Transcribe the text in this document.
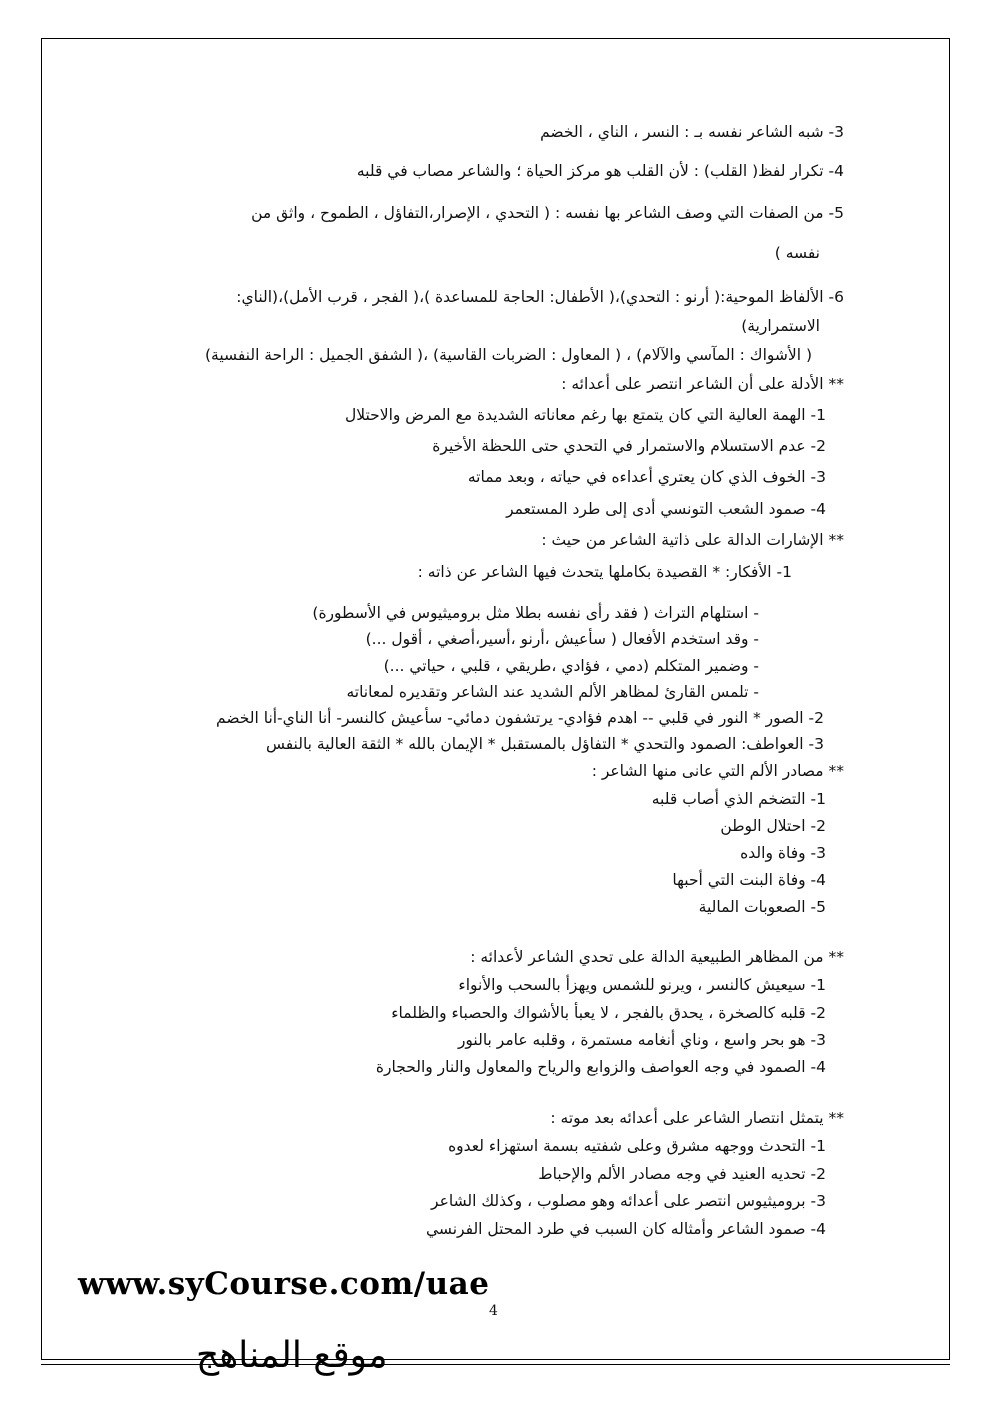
3- شبه الشاعر نفسه بـ : النسر ، الناي ، الخضم
4- تكرار لفظ( القلب) : لأن القلب هو مركز الحياة ؛ والشاعر مصاب في قلبه
5- من الصفات التي وصف الشاعر بها نفسه : ( التحدي ، الإصرار،التفاؤل ، الطموح ، واثق من
نفسه )
6- الألفاظ الموحية:( أرنو : التحدي)،( الأطفال: الحاجة للمساعدة )،( الفجر ، قرب الأمل)،(الناي:
الاستمرارية)
( الأشواك : المآسي والآلام) ، ( المعاول : الضربات القاسية) ،( الشفق الجميل : الراحة النفسية)
** الأدلة على أن الشاعر انتصر على أعدائه :
1- الهمة العالية التي كان يتمتع بها رغم معاناته الشديدة مع المرض والاحتلال
2- عدم الاستسلام والاستمرار في التحدي حتى اللحظة الأخيرة
3- الخوف الذي كان يعتري أعداءه في حياته ، وبعد مماته
4- صمود الشعب التونسي أدى إلى طرد المستعمر
** الإشارات الدالة على ذاتية الشاعر من حيث :
1- الأفكار: * القصيدة بكاملها يتحدث فيها الشاعر عن ذاته :
- استلهام التراث ( فقد رأى نفسه بطلا مثل بروميثيوس في الأسطورة)
- وقد استخدم الأفعال ( سأعيش ،أرنو ،أسير،أصغي ، أقول ...)
- وضمير المتكلم (دمي ، فؤادي ،طريقي ، قلبي ، حياتي ...)
- تلمس القارئ لمظاهر الألم الشديد عند الشاعر وتقديره لمعاناته
2- الصور * النور في قلبي -- اهدم فؤادي- يرتشفون دمائي- سأعيش كالنسر- أنا الناي-أنا الخضم
3- العواطف: الصمود والتحدي * التفاؤل بالمستقبل * الإيمان بالله * الثقة العالية بالنفس
** مصادر الألم التي عانى منها الشاعر :
1- التضخم الذي أصاب قلبه
2- احتلال الوطن
3- وفاة والده
4- وفاة البنت التي أحبها
5- الصعوبات المالية
** من المظاهر الطبيعية الدالة على تحدي الشاعر لأعدائه :
1- سيعيش كالنسر ، ويرنو للشمس ويهزأ بالسحب والأنواء
2- قلبه كالصخرة ، يحدق بالفجر ، لا يعبأ بالأشواك والحصباء والظلماء
3- هو بحر واسع ، وناي أنغامه مستمرة ، وقلبه عامر بالنور
4- الصمود في وجه العواصف والزوابع والرياح والمعاول والنار والحجارة
** يتمثل انتصار الشاعر على أعدائه بعد موته :
1- التحدث ووجهه مشرق وعلى شفتيه بسمة استهزاء لعدوه
2- تحديه العنيد في وجه مصادر الألم والإحباط
3- بروميثيوس انتصر على أعدائه وهو مصلوب ، وكذلك الشاعر
4- صمود الشاعر وأمثاله كان السبب في طرد المحتل الفرنسي
www.syCourse.com/uae
4
موقع المناهج
